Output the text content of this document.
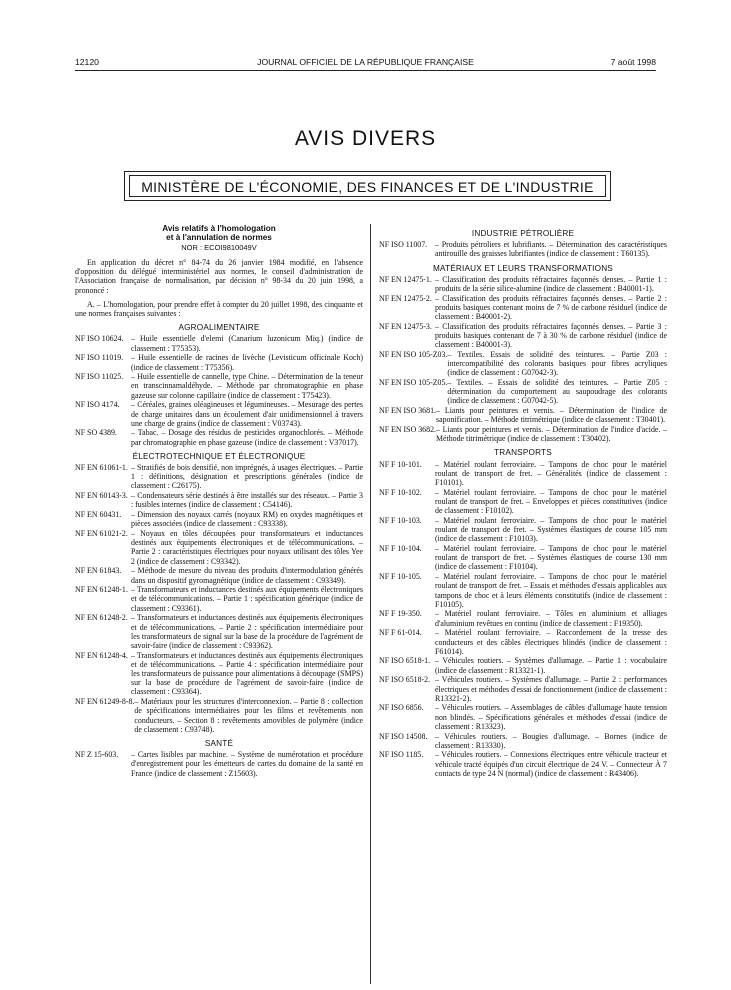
12120	JOURNAL OFFICIEL DE LA RÉPUBLIQUE FRANÇAISE	7 août 1998
AVIS DIVERS
MINISTÈRE DE L'ÉCONOMIE, DES FINANCES ET DE L'INDUSTRIE
Avis relatifs à l'homologation
et à l'annulation de normes
NOR : ECOI9810049V

En application du décret n° 84-74 du 26 janvier 1984 modifié, en l'absence d'opposition du délégué interministériel aux normes, le conseil d'administration de l'Association française de normalisation, par décision n° 98-34 du 20 juin 1998, a prononcé :

A. – L'homologation, pour prendre effet à compter du 20 juillet 1998, des cinquante et une normes françaises suivantes :

AGROALIMENTAIRE
NF ISO 10624. – Huile essentielle d'elemi (Canarium luzonicum Miq.) (indice de classement : T75353).
NF ISO 11019. – Huile essentielle de racines de livèche (Levisticum officinale Koch) (indice de classement : T75356).
NF ISO 11025. – Huile essentielle de cannelle, type Chine. – Détermination de la teneur en transcinnamaldéhyde. – Méthode par chromatographie en phase gazeuse sur colonne capillaire (indice de classement : T75423).
NF ISO 4174.	– Céréales, graines oléagineuses et légumineuses. – Mesurage des pertes de charge unitaires dans un écoulement d'air unidimensionnel à travers une charge de grains (indice de classement : V03743).
NF SO 4389.	– Tabac. – Dosage des résidus de pesticides organochlorés. – Méthode par chromatographie en phase gazeuse (indice de classement : V37017).
ÉLECTROTECHNIQUE ET ÉLECTRONIQUE
NF EN 61061-1. – Stratifiés de bois densifié, non imprégnés, à usages électriques. – Partie 1 : définitions, désignation et prescriptions générales (indice de classement : C26175).
NF EN 60143-3. – Condensateurs série destinés à être installés sur des réseaux. – Partie 3 : fusibles internes (indice de classement : C54146).
NF EN 60431.	– Dimension des noyaux carrés (noyaux RM) en oxydes magnétiques et pièces associées (indice de classement : C93338).
NF EN 61021-2. – Noyaux en tôles découpées pour transformateurs et inductances destinés aux équipements électroniques et de télécommunications. – Partie 2 : caractéristiques électriques pour noyaux utilisant des tôles Yee 2 (indice de classement : C93342).
NF EN 61843.	– Méthode de mesure du niveau des produits d'intermodulation générés dans un dispositif gyromagnétique (indice de classement : C93349).
NF EN 61248-1. – Transformateurs et inductances destinés aux équipements électroniques et de télécommunications. – Partie 1 : spécification générique (indice de classement : C93361).
NF EN 61248-2. – Transformateurs et inductances destinés aux équipements électroniques et de télécommunications. – Partie 2 : spécification intermédiaire pour les transformateurs de signal sur la base de la procédure de l'agrément de savoir-faire (indice de classement : C93362).
NF EN 61248-4. – Transformateurs et inductances destinés aux équipements électroniques et de télécommunications. – Partie 4 : spécification intermédiaire pour les transformateurs de puissance pour alimentations à découpage (SMPS) sur la base de procédure de l'agrément de savoir-faire (indice de classement : C93364).
NF EN 61249-8-8. – Matériaux pour les structures d'interconnexion. – Partie 8 : collection de spécifications intermédiaires pour les films et revêtements non conducteurs. – Section 8 : revêtements amovibles de polymère (indice de classement : C93748).
SANTÉ
NF Z 15-603.	– Cartes lisibles par machine. – Système de numérotation et procédure d'enregistrement pour les émetteurs de cartes du domaine de la santé en France (indice de classement : Z15603).
INDUSTRIE PÉTROLIÈRE
NF ISO 11007. – Produits pétroliers et lubrifiants. – Détermination des caractéristiques antirouille des graisses lubrifiantes (indice de classement : T60135).
MATÉRIAUX ET LEURS TRANSFORMATIONS
NF EN 12475-1. – Classification des produits réfractaires façonnés denses. – Partie 1 : produits de la série silice-alumine (indice de classement : B40001-1).
NF EN 12475-2. – Classification des produits réfractaires façonnés denses. – Partie 2 : produits basiques contenant moins de 7 % de carbone résiduel (indice de classement : B40001-2).
NF EN 12475-3. – Classification des produits réfractaires façonnés denses. – Partie 3 : produits basiques contenant de 7 à 30 % de carbone résiduel (indice de classement : B40001-3).
NF EN ISO 105-Z03. – Textiles. Essais de solidité des teintures. – Partie Z03 : intercompatibilité des colorants basiques pour fibres acryliques (indice de classement : G07042-3).
NF EN ISO 105-Z05. – Textiles. – Essais de solidité des teintures. – Partie Z05 : détermination du comportement au saupoudrage des colorants (indice de classement : G07042-5).
NF EN ISO 3681. – Liants pour peintures et vernis. – Détermination de l'indice de saponification. – Méthode titrimétrique (indice de classement : T30401).
NF EN ISO 3682. – Liants pour peintures et vernis. – Détermination de l'indice d'acide. – Méthode titrimétrique (indice de classement : T30402).
TRANSPORTS
NF F 10-101.	– Matériel roulant ferroviaire. – Tampons de choc pour le matériel roulant de transport de fret. – Généralités (indice de classement : F10101).
NF F 10-102.	– Matériel roulant ferroviaire. – Tampons de choc pour le matériel roulant de transport de fret. – Enveloppes et pièces constitutives (indice de classement : F10102).
NF F 10-103.	– Matériel roulant ferroviaire. – Tampons de choc pour le matériel roulant de transport de fret. – Systèmes élastiques de course 105 mm (indice de classement : F10103).
NF F 10-104.	– Matériel roulant ferroviaire. – Tampons de choc pour le matériel roulant de transport de fret. – Systèmes élastiques de course 130 mm (indice de classement : F10104).
NF F 10-105.	– Matériel roulant ferroviaire. – Tampons de choc pour le matériel roulant de transport de fret. – Essais et méthodes d'essais applicables aux tampons de choc et à leurs éléments constitutifs (indice de classement : F10105).
NF F 19-350.	– Matériel roulant ferroviaire. – Tôles en aluminium et alliages d'aluminium revêtues en continu (indice de classement : F19350).
NF F 61-014.	– Matériel roulant ferroviaire. – Raccordement de la tresse des conducteurs et des câbles électriques blindés (indice de classement : F61014).
NF ISO 6518-1. – Véhicules routiers. – Systèmes d'allumage. – Partie 1 : vocabulaire (indice de classement : R13321-1).
NF ISO 6518-2. – Véhicules routiers. – Systèmes d'allumage. – Partie 2 : performances électriques et méthodes d'essai de fonctionnement (indice de classement : R13321-2).
NF ISO 6856.	– Véhicules routiers. – Assemblages de câbles d'allumage haute tension non blindés. – Spécifications générales et méthodes d'essai (indice de classement : R13323).
NF ISO 14508. – Véhicules routiers. – Bougies d'allumage. – Bornes (indice de classement : R13330).
NF ISO 1185.	– Véhicules routiers. – Connexions électriques entre véhicule tracteur et véhicule tracté équipés d'un circuit électrique de 24 V. – Connecteur À 7 contacts de type 24 N (normal) (indice de classement : R43406).
